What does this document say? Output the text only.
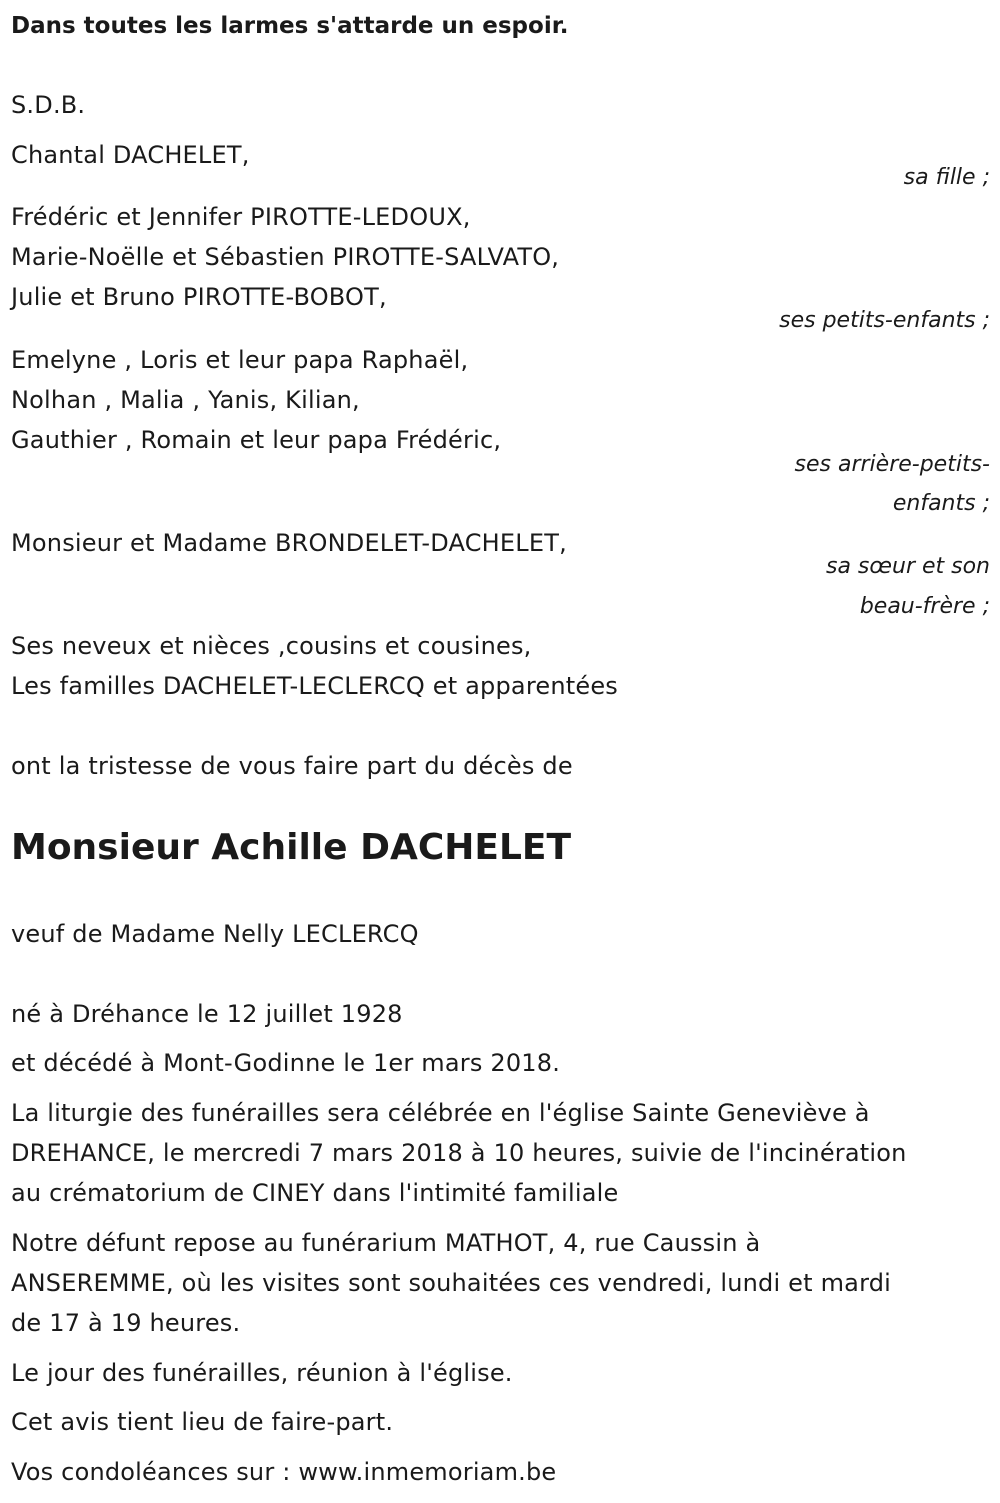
Dans toutes les larmes s'attarde un espoir.
S.D.B.
Chantal DACHELET,
sa fille ;
Frédéric et Jennifer PIROTTE-LEDOUX,
Marie-Noëlle et Sébastien PIROTTE-SALVATO,
Julie et Bruno PIROTTE-BOBOT,
ses petits-enfants ;
Emelyne , Loris et leur papa Raphaël,
Nolhan , Malia , Yanis, Kilian,
Gauthier , Romain et leur papa Frédéric,
ses arrière-petits-
enfants ;
Monsieur et Madame BRONDELET-DACHELET,
sa sœur et son
beau-frère ;
Ses neveux et nièces ,cousins et cousines,
Les familles DACHELET-LECLERCQ et apparentées
ont la tristesse de vous faire part du décès de
Monsieur Achille DACHELET
veuf de Madame Nelly LECLERCQ
né à Dréhance le 12 juillet 1928
et décédé à Mont-Godinne le 1er mars 2018.
La liturgie des funérailles sera célébrée en l'église Sainte Geneviève à
DREHANCE, le mercredi 7 mars 2018 à 10 heures, suivie de l'incinération
au crématorium de CINEY dans l'intimité familiale
Notre défunt repose au funérarium MATHOT, 4, rue Caussin à
ANSEREMME, où les visites sont souhaitées ces vendredi, lundi et mardi
de 17 à 19 heures.
Le jour des funérailles, réunion à l'église.
Cet avis tient lieu de faire-part.
Vos condoléances sur : www.inmemoriam.be
